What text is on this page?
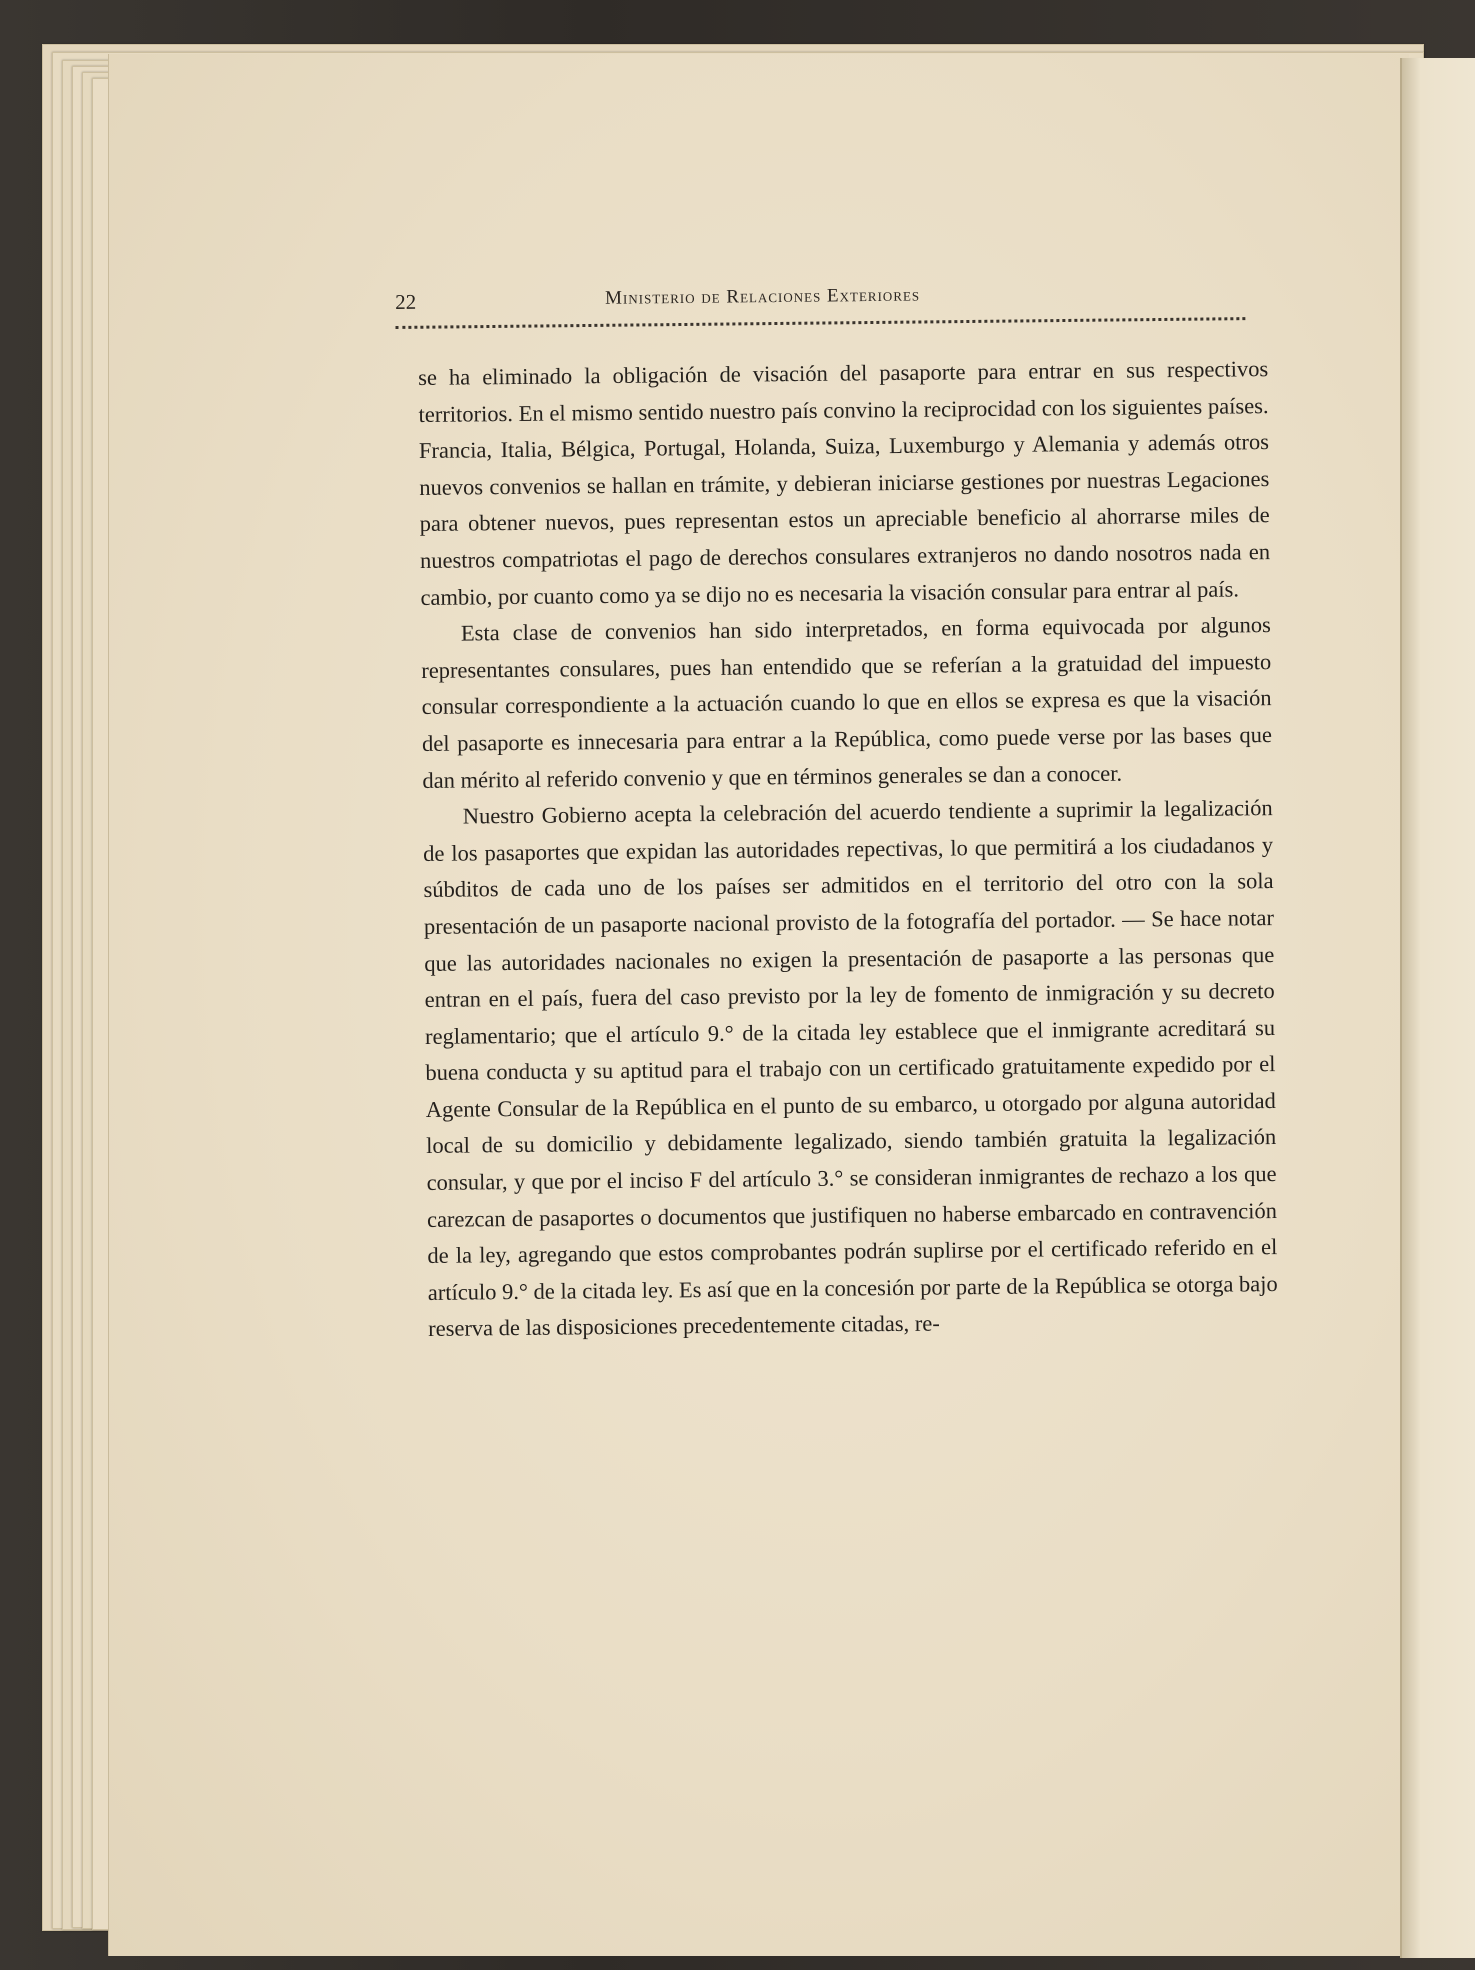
22	Ministerio de Relaciones Exteriores

se ha eliminado la obligación de visación del pasaporte para entrar en sus respectivos territorios. En el mismo sentido nuestro país convino la reciprocidad con los siguientes países. Francia, Italia, Bélgica, Portugal, Holanda, Suiza, Luxemburgo y Alemania y además otros nuevos convenios se hallan en trámite, y debieran iniciarse gestiones por nuestras Legaciones para obtener nuevos, pues representan estos un apreciable beneficio al ahorrarse miles de nuestros compatriotas el pago de derechos consulares extranjeros no dando nosotros nada en cambio, por cuanto como ya se dijo no es necesaria la visación consular para entrar al país.

Esta clase de convenios han sido interpretados, en forma equivocada por algunos representantes consulares, pues han entendido que se referían a la gratuidad del impuesto consular correspondiente a la actuación cuando lo que en ellos se expresa es que la visación del pasaporte es innecesaria para entrar a la República, como puede verse por las bases que dan mérito al referido convenio y que en términos generales se dan a conocer.

Nuestro Gobierno acepta la celebración del acuerdo tendiente a suprimir la legalización de los pasaportes que expidan las autoridades repectivas, lo que permitirá a los ciudadanos y súbditos de cada uno de los países ser admitidos en el territorio del otro con la sola presentación de un pasaporte nacional provisto de la fotografía del portador. — Se hace notar que las autoridades nacionales no exigen la presentación de pasaporte a las personas que entran en el país, fuera del caso previsto por la ley de fomento de inmigración y su decreto reglamentario; que el artículo 9.° de la citada ley establece que el inmigrante acreditará su buena conducta y su aptitud para el trabajo con un certificado gratuitamente expedido por el Agente Consular de la República en el punto de su embarco, u otorgado por alguna autoridad local de su domicilio y debidamente legalizado, siendo también gratuita la legalización consular, y que por el inciso F del artículo 3.° se consideran inmigrantes de rechazo a los que carezcan de pasaportes o documentos que justifiquen no haberse embarcado en contravención de la ley, agregando que estos comprobantes podrán suplirse por el certificado referido en el artículo 9.° de la citada ley. Es así que en la concesión por parte de la República se otorga bajo reserva de las disposiciones precedentemente citadas, re-
